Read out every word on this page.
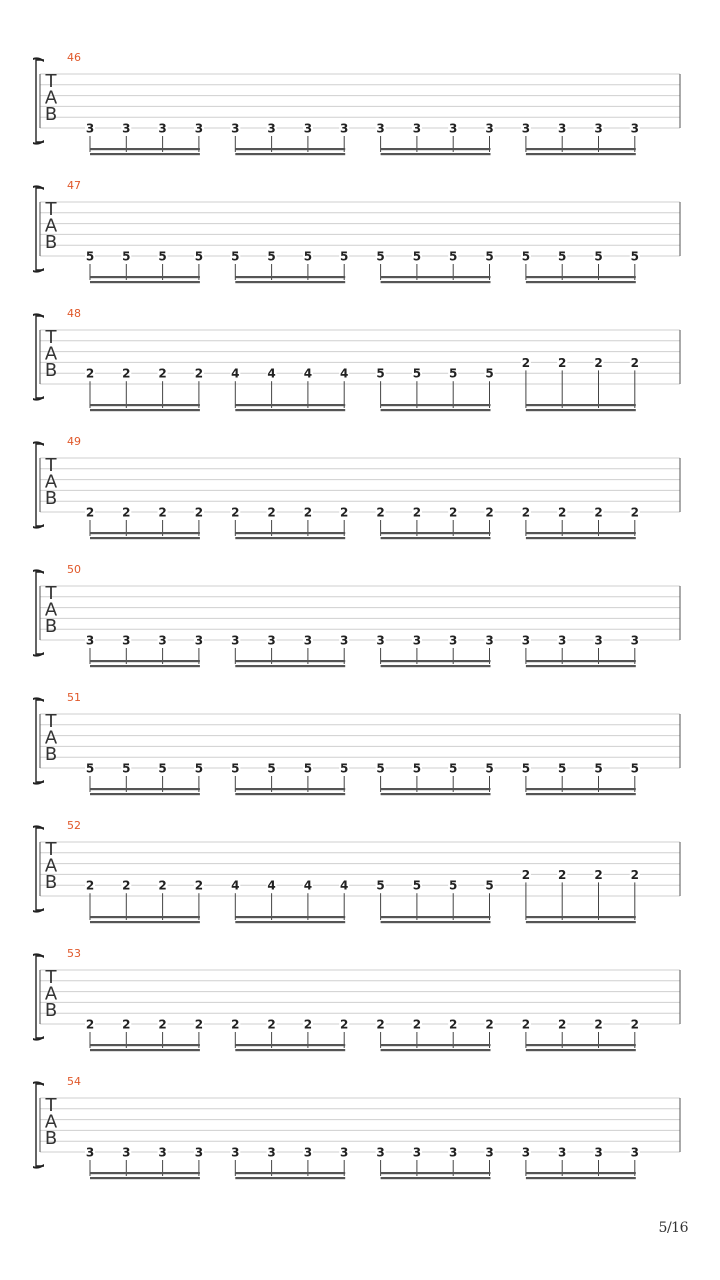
T
A
B
46
3 3 3 3 3 3 3 3 3 3 3 3 3 3 3 3
T
A
B
47
5 5 5 5 5 5 5 5 5 5 5 5 5 5 5 5
T
A
B
48
2 2 2 2 4 4 4 4 5 5 5 5
2 2 2 2
T
A
B
49
2 2 2 2 2 2 2 2 2 2 2 2 2 2 2 2
T
A
B
50
3 3 3 3 3 3 3 3 3 3 3 3 3 3 3 3
T
A
B
51
5 5 5 5 5 5 5 5 5 5 5 5 5 5 5 5
T
A
B
52
2 2 2 2 4 4 4 4 5 5 5 5
2 2 2 2
T
A
B
53
2 2 2 2 2 2 2 2 2 2 2 2 2 2 2 2
T
A
B
54
3 3 3 3 3 3 3 3 3 3 3 3 3 3 3 3
5/16
